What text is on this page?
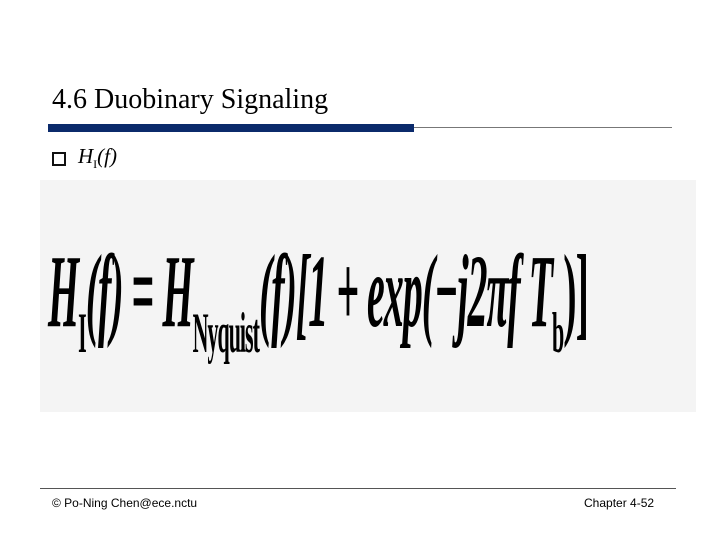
4.6 Duobinary Signaling
$H_I(f)$
$H_I(f) = H_{Nyquist}(f)[1 + \exp(-j2\pi f$ $T_b$)]
© Po-Ning Chen@ece.nctu	Chapter 4-52
